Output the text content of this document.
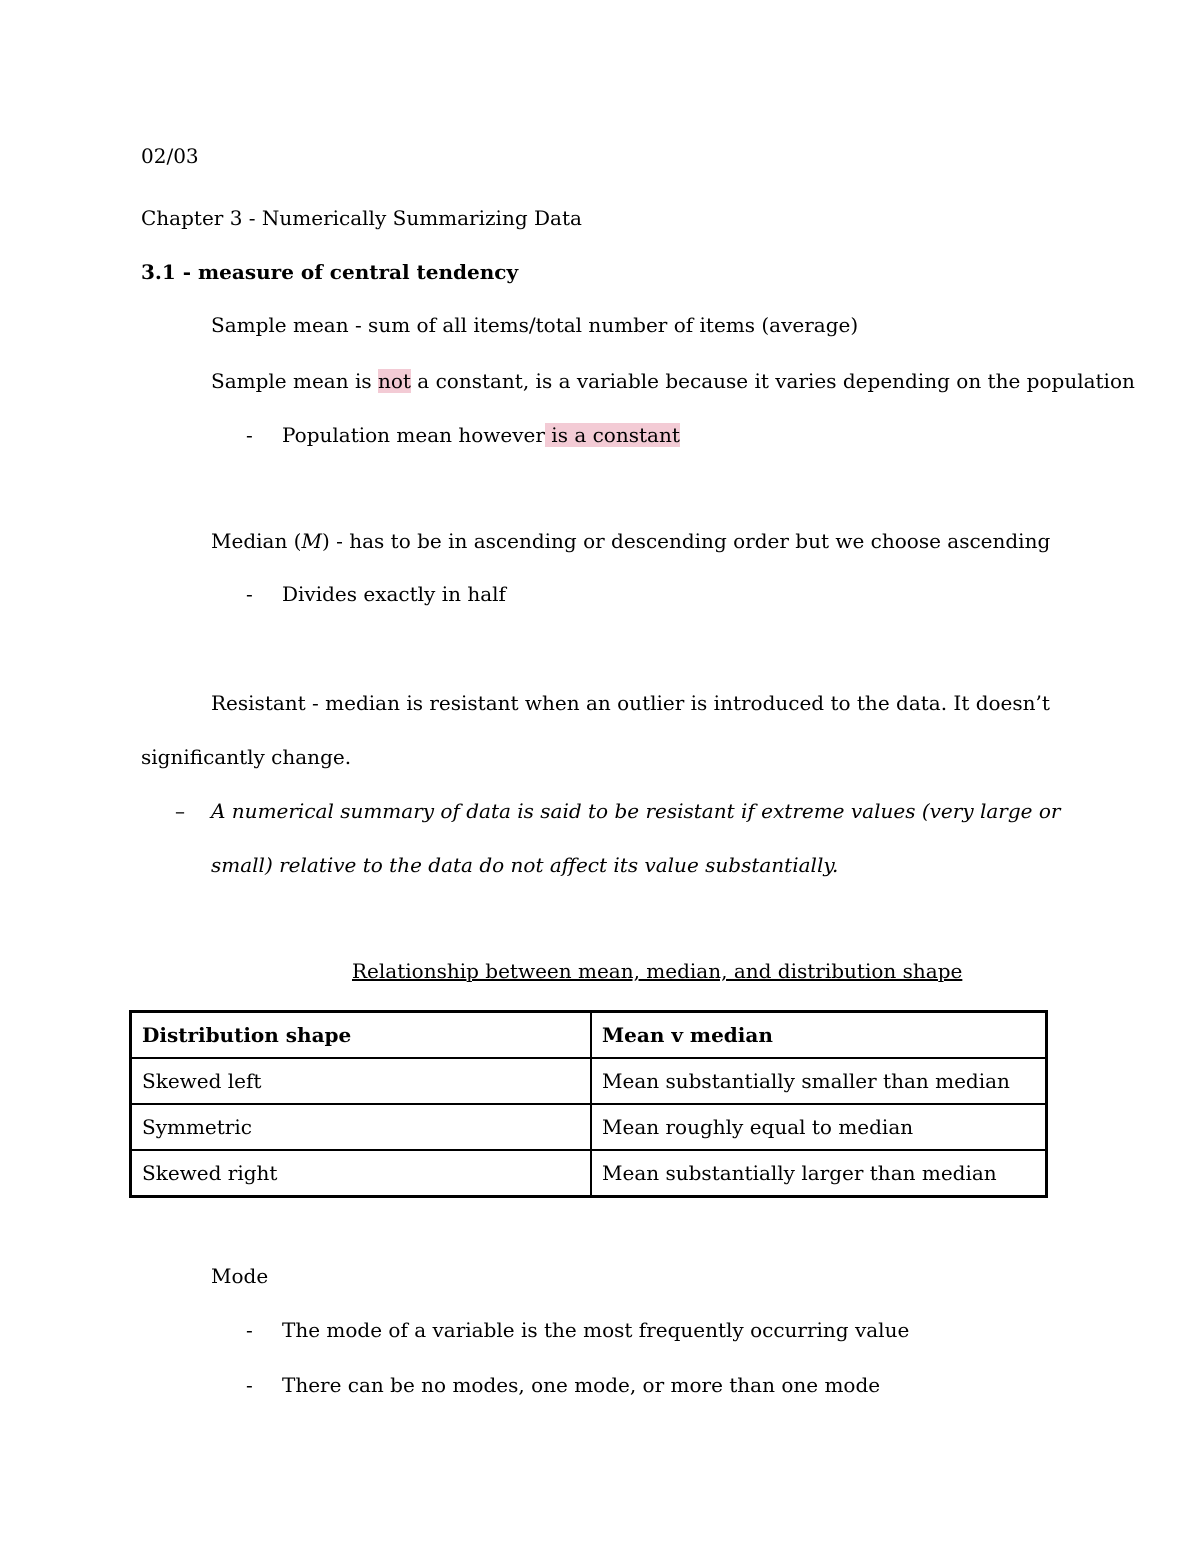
02/03
Chapter 3 - Numerically Summarizing Data
3.1 - measure of central tendency
Sample mean - sum of all items/total number of items (average)
Sample mean is not a constant, is a variable because it varies depending on the population
- Population mean however is a constant
Median (M) - has to be in ascending or descending order but we choose ascending
- Divides exactly in half
Resistant - median is resistant when an outlier is introduced to the data. It doesn’t
significantly change.
– A numerical summary of data is said to be resistant if extreme values (very large or
small) relative to the data do not affect its value substantially.
Relationship between mean, median, and distribution shape
Distribution shape	Mean v median
Skewed left	Mean substantially smaller than median
Symmetric	Mean roughly equal to median
Skewed right	Mean substantially larger than median
Mode
- The mode of a variable is the most frequently occurring value
- There can be no modes, one mode, or more than one mode
